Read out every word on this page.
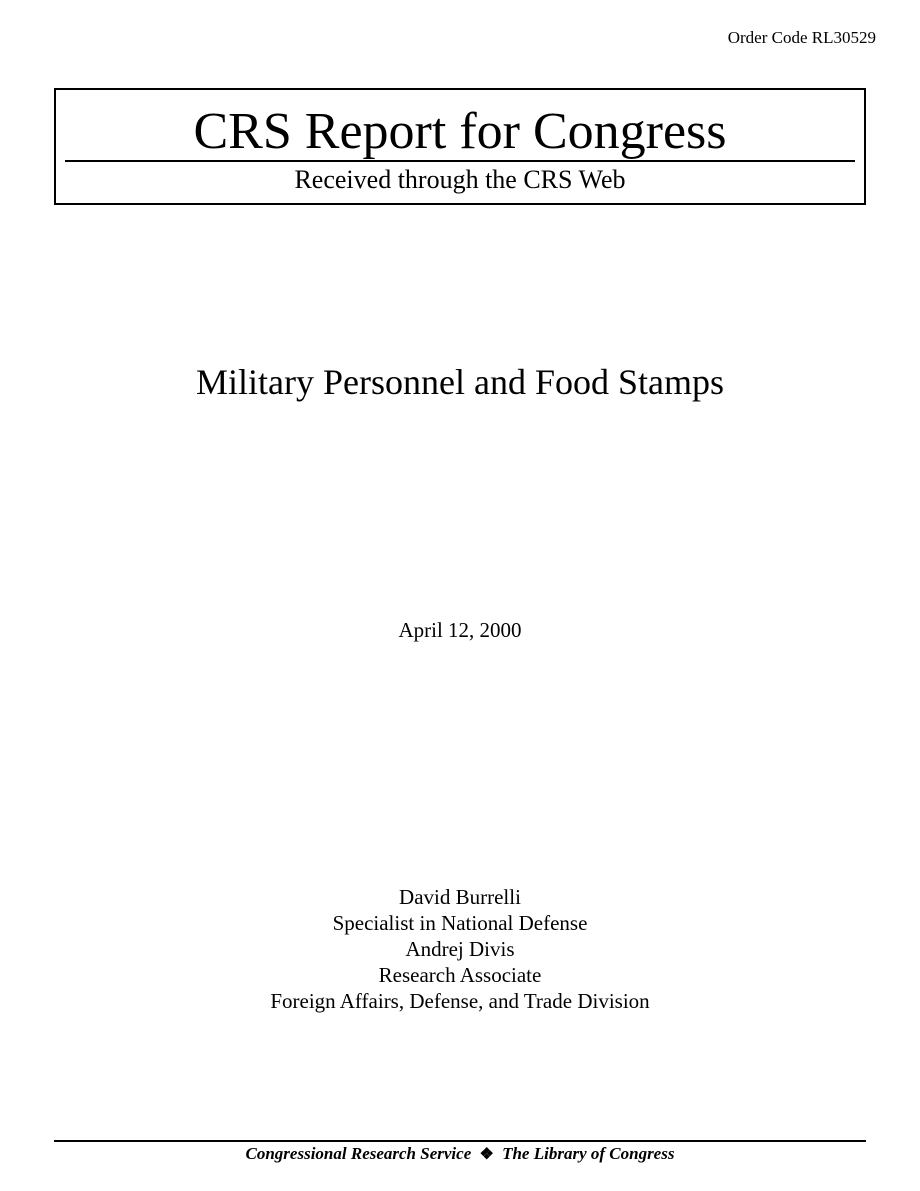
Order Code RL30529
CRS Report for Congress
Received through the CRS Web
Military Personnel and Food Stamps
April 12, 2000
David Burrelli
Specialist in National Defense
Andrej Divis
Research Associate
Foreign Affairs, Defense, and Trade Division
Congressional Research Service ❖ The Library of Congress
